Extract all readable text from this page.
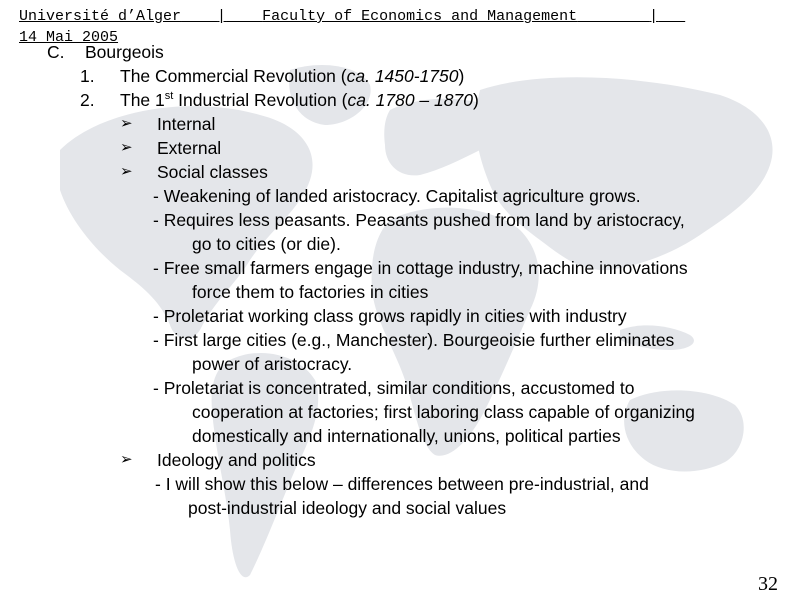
Université d’Alger | Faculty of Economics and Management	|
14 Mai 2005
C. Bourgeois
1. The Commercial Revolution (ca. 1450-1750)
2. The 1st Industrial Revolution (ca. 1780 – 1870)
➢ Internal
➢ External
➢ Social classes
- Weakening of landed aristocracy. Capitalist agriculture grows.
- Requires less peasants. Peasants pushed from land by aristocracy,
go to cities (or die).
- Free small farmers engage in cottage industry, machine innovations
force them to factories in cities
- Proletariat working class grows rapidly in cities with industry
- First large cities (e.g., Manchester). Bourgeoisie further eliminates
power of aristocracy.
- Proletariat is concentrated, similar conditions, accustomed to
cooperation at factories; first laboring class capable of organizing
domestically and internationally, unions, political parties
➢ Ideology and politics
- I will show this below – differences between pre-industrial, and
post-industrial ideology and social values
32
